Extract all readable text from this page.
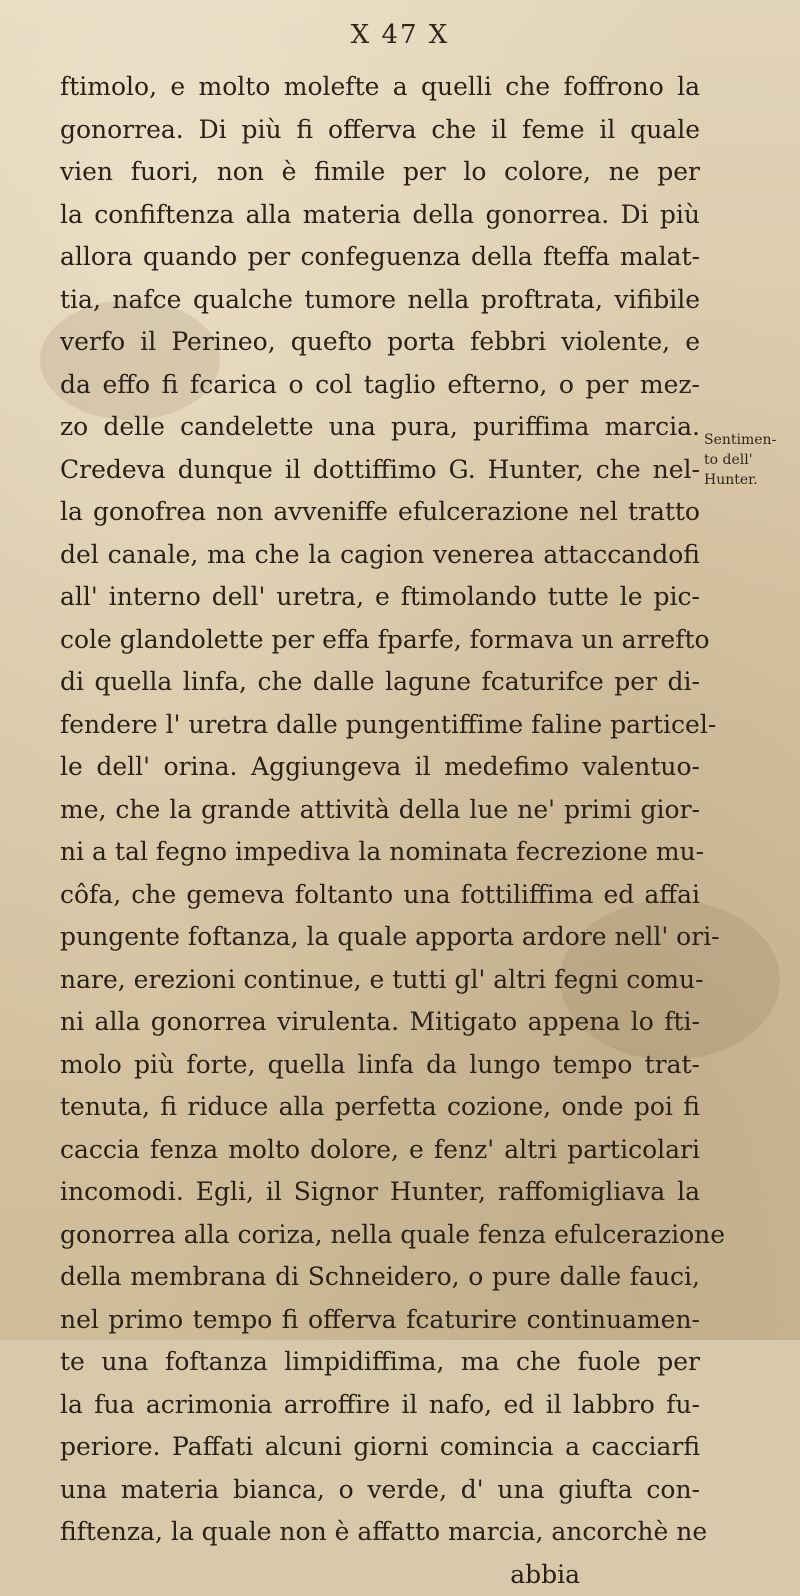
X 47 X
ftimolo, e molto molefte a quelli che foffrono la
gonorrea. Di più fi offerva che il feme il quale
vien fuori, non è fimile per lo colore, ne per
la confiftenza alla materia della gonorrea. Di più
allora quando per confeguenza della fteffa malat-
tia, nafce qualche tumore nella proftrata, vifibile
verfo il Perineo, quefto porta febbri violente, e
da effo fi fcarica o col taglio efterno, o per mez-
zo delle candelette una pura, puriffima marcia.
Credeva dunque il dottiffimo G. Hunter, che nel-
la gonofrea non avveniffe efulcerazione nel tratto
del canale, ma che la cagion venerea attaccandofi
all' interno dell' uretra, e ftimolando tutte le pic-
cole glandolette per effa fparfe, formava un arrefto
di quella linfa, che dalle lagune fcaturifce per di-
fendere l' uretra dalle pungentiffime faline particel-
le dell' orina. Aggiungeva il medefimo valentuo-
me, che la grande attività della lue ne' primi gior-
ni a tal fegno impediva la nominata fecrezione mu-
côfa, che gemeva foltanto una fottiliffima ed affai
pungente foftanza, la quale apporta ardore nell' ori-
nare, erezioni continue, e tutti gl' altri fegni comu-
ni alla gonorrea virulenta. Mitigato appena lo fti-
molo più forte, quella linfa da lungo tempo trat-
tenuta, fi riduce alla perfetta cozione, onde poi fi
caccia fenza molto dolore, e fenz' altri particolari
incomodi. Egli, il Signor Hunter, raffomigliava la
gonorrea alla coriza, nella quale fenza efulcerazione
della membrana di Schneidero, o pure dalle fauci,
nel primo tempo fi offerva fcaturire continuamen-
te una foftanza limpidiffima, ma che fuole per
la fua acrimonia arroffire il nafo, ed il labbro fu-
periore. Paffati alcuni giorni comincia a cacciarfi
una materia bianca, o verde, d' una giufta con-
fiftenza, la quale non è affatto marcia, ancorchè ne
abbia
Sentimen-
to dell'
Hunter.
